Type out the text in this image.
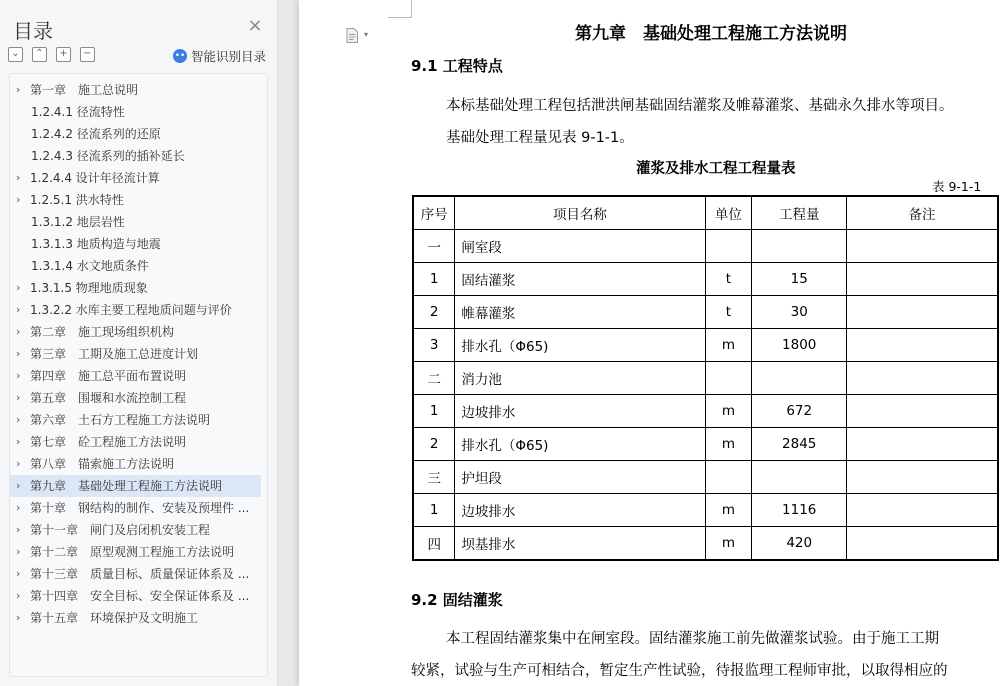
目录	×
⌄	⌃	+	−	•• 智能识别目录
› 第一章　施工总说明
1.2.4.1 径流特性
1.2.4.2 径流系列的还原
1.2.4.3 径流系列的插补延长
› 1.2.4.4 设计年径流计算
› 1.2.5.1 洪水特性
1.3.1.2 地层岩性
1.3.1.3 地质构造与地震
1.3.1.4 水文地质条件
› 1.3.1.5 物理地质现象
› 1.3.2.2 水库主要工程地质问题与评价
› 第二章　施工现场组织机构
› 第三章　工期及施工总进度计划
› 第四章　施工总平面布置说明
› 第五章　围堰和水流控制工程
› 第六章　土石方工程施工方法说明
› 第七章　砼工程施工方法说明
› 第八章　锚索施工方法说明
› 第九章　基础处理工程施工方法说明
› 第十章　钢结构的制作、安装及预埋件 ...
› 第十一章　闸门及启闭机安装工程
› 第十二章　原型观测工程施工方法说明
› 第十三章　质量目标、质量保证体系及 ...
› 第十四章　安全目标、安全保证体系及 ...
› 第十五章　环境保护及文明施工
▾	第九章　基础处理工程施工方法说明
9.1 工程特点
本标基础处理工程包括泄洪闸基础固结灌浆及帷幕灌浆、基础永久排水等项目。
基础处理工程量见表 9-1-1。
灌浆及排水工程工程量表
表 9-1-1
序号	项目名称	单位	工程量	备注
一	闸室段			
1	固结灌浆	t	15	
2	帷幕灌浆	t	30	
3	排水孔（Φ65)	m	1800	
二	消力池			
1	边坡排水	m	672	
2	排水孔（Φ65)	m	2845	
三	护坦段			
1	边坡排水	m	1116	
四	坝基排水	m	420	
9.2 固结灌浆
本工程固结灌浆集中在闸室段。固结灌浆施工前先做灌浆试验。由于施工工期
较紧，试验与生产可相结合，暂定生产性试验，待报监理工程师审批，以取得相应的
